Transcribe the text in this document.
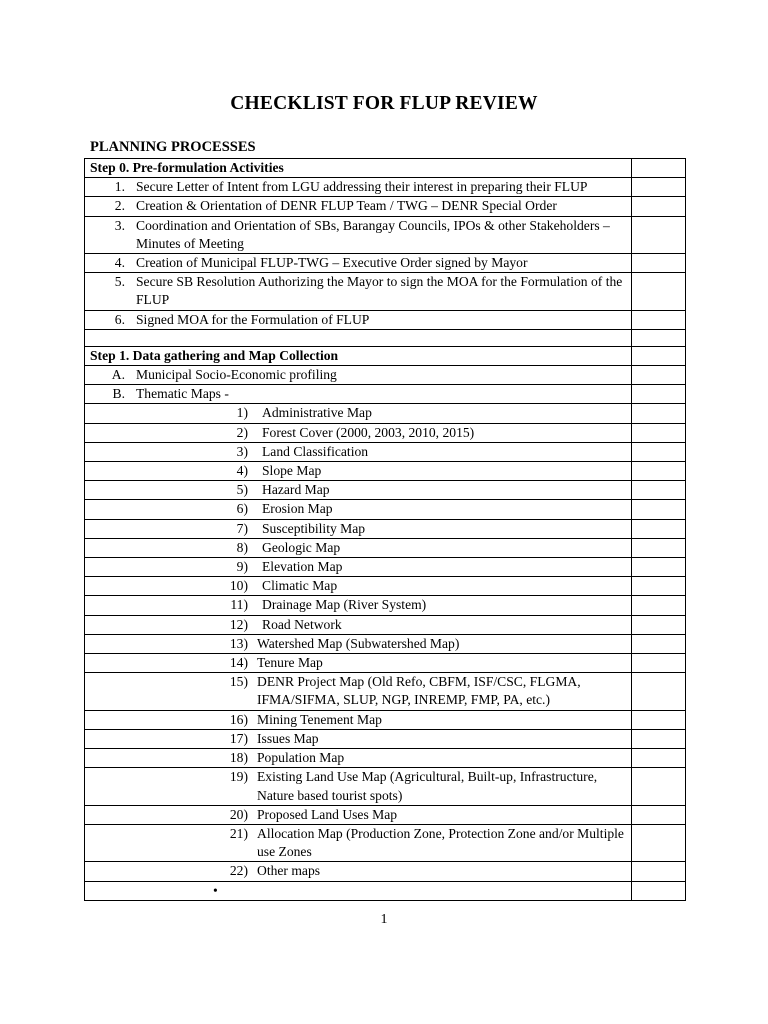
CHECKLIST FOR FLUP REVIEW
PLANNING PROCESSES
Step 0. Pre-formulation Activities	

1. Secure Letter of Intent from LGU addressing their interest in preparing their FLUP	

2. Creation & Orientation of DENR FLUP Team / TWG – DENR Special Order	

3. Coordination and Orientation of SBs, Barangay Councils, IPOs & other Stakeholders – Minutes of Meeting	

4. Creation of Municipal FLUP-TWG – Executive Order signed by Mayor	

5. Secure SB Resolution Authorizing the Mayor to sign the MOA for the Formulation of the FLUP	

6. Signed MOA for the Formulation of FLUP	

Step 1. Data gathering and Map Collection	

A. Municipal Socio-Economic profiling	

B. Thematic Maps -	

1) Administrative Map	

2) Forest Cover (2000, 2003, 2010, 2015)	

3) Land Classification	

4) Slope Map	

5) Hazard Map	

6) Erosion Map	

7) Susceptibility Map	

8) Geologic Map	

9) Elevation Map	

10) Climatic Map	

11) Drainage Map (River System)	

12) Road Network	

13) Watershed Map (Subwatershed Map)	

14) Tenure Map	

15) DENR Project Map (Old Refo, CBFM, ISF/CSC, FLGMA, IFMA/SIFMA, SLUP, NGP, INREMP, FMP, PA, etc.)	

16) Mining Tenement Map	

17) Issues Map	

18) Population Map	

19) Existing Land Use Map (Agricultural, Built-up, Infrastructure, Nature based tourist spots)	

20) Proposed Land Uses Map	

21) Allocation Map (Production Zone, Protection Zone and/or Multiple use Zones	

22) Other maps	

•	

1
